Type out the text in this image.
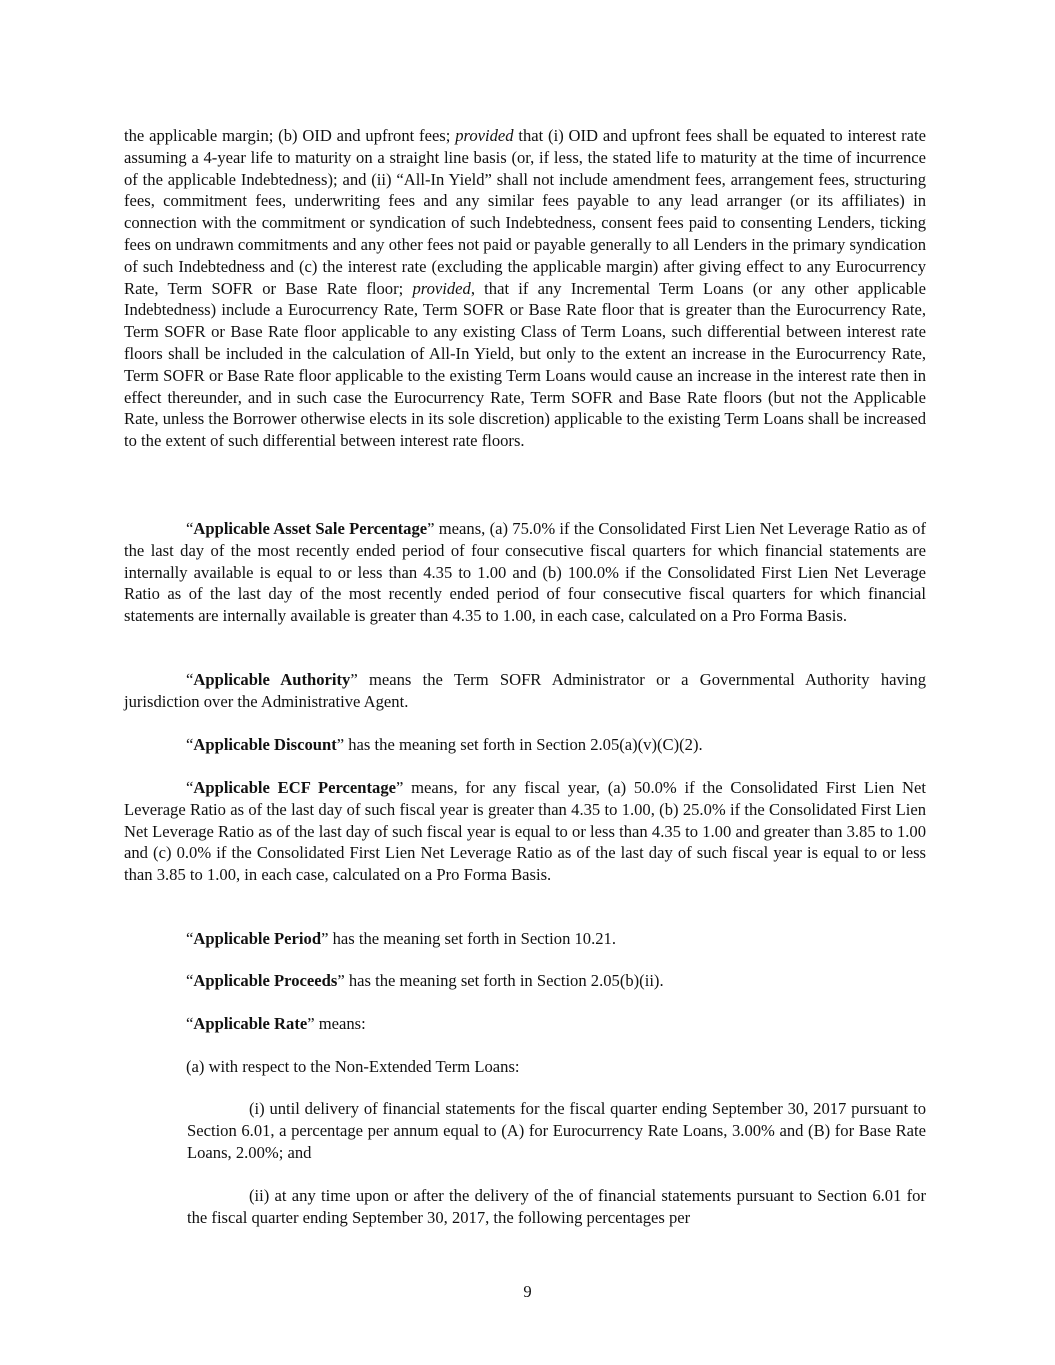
the applicable margin; (b) OID and upfront fees; provided that (i) OID and upfront fees shall be equated to interest rate assuming a 4-year life to maturity on a straight line basis (or, if less, the stated life to maturity at the time of incurrence of the applicable Indebtedness); and (ii) “All-In Yield” shall not include amendment fees, arrangement fees, structuring fees, commitment fees, underwriting fees and any similar fees payable to any lead arranger (or its affiliates) in connection with the commitment or syndication of such Indebtedness, consent fees paid to consenting Lenders, ticking fees on undrawn commitments and any other fees not paid or payable generally to all Lenders in the primary syndication of such Indebtedness and (c) the interest rate (excluding the applicable margin) after giving effect to any Eurocurrency Rate, Term SOFR or Base Rate floor; provided, that if any Incremental Term Loans (or any other applicable Indebtedness) include a Eurocurrency Rate, Term SOFR or Base Rate floor that is greater than the Eurocurrency Rate, Term SOFR or Base Rate floor applicable to any existing Class of Term Loans, such differential between interest rate floors shall be included in the calculation of All-In Yield, but only to the extent an increase in the Eurocurrency Rate, Term SOFR or Base Rate floor applicable to the existing Term Loans would cause an increase in the interest rate then in effect thereunder, and in such case the Eurocurrency Rate, Term SOFR and Base Rate floors (but not the Applicable Rate, unless the Borrower otherwise elects in its sole discretion) applicable to the existing Term Loans shall be increased to the extent of such differential between interest rate floors.

“Applicable Asset Sale Percentage” means, (a) 75.0% if the Consolidated First Lien Net Leverage Ratio as of the last day of the most recently ended period of four consecutive fiscal quarters for which financial statements are internally available is equal to or less than 4.35 to 1.00 and (b) 100.0% if the Consolidated First Lien Net Leverage Ratio as of the last day of the most recently ended period of four consecutive fiscal quarters for which financial statements are internally available is greater than 4.35 to 1.00, in each case, calculated on a Pro Forma Basis.

“Applicable Authority” means the Term SOFR Administrator or a Governmental Authority having jurisdiction over the Administrative Agent.

“Applicable Discount” has the meaning set forth in Section 2.05(a)(v)(C)(2).

“Applicable ECF Percentage” means, for any fiscal year, (a) 50.0% if the Consolidated First Lien Net Leverage Ratio as of the last day of such fiscal year is greater than 4.35 to 1.00, (b) 25.0% if the Consolidated First Lien Net Leverage Ratio as of the last day of such fiscal year is equal to or less than 4.35 to 1.00 and greater than 3.85 to 1.00 and (c) 0.0% if the Consolidated First Lien Net Leverage Ratio as of the last day of such fiscal year is equal to or less than 3.85 to 1.00, in each case, calculated on a Pro Forma Basis.

“Applicable Period” has the meaning set forth in Section 10.21.

“Applicable Proceeds” has the meaning set forth in Section 2.05(b)(ii).

“Applicable Rate” means:

(a) with respect to the Non-Extended Term Loans:

(i) until delivery of financial statements for the fiscal quarter ending September 30, 2017 pursuant to Section 6.01, a percentage per annum equal to (A) for Eurocurrency Rate Loans, 3.00% and (B) for Base Rate Loans, 2.00%; and

(ii) at any time upon or after the delivery of the of financial statements pursuant to Section 6.01 for the fiscal quarter ending September 30, 2017, the following percentages per

9
